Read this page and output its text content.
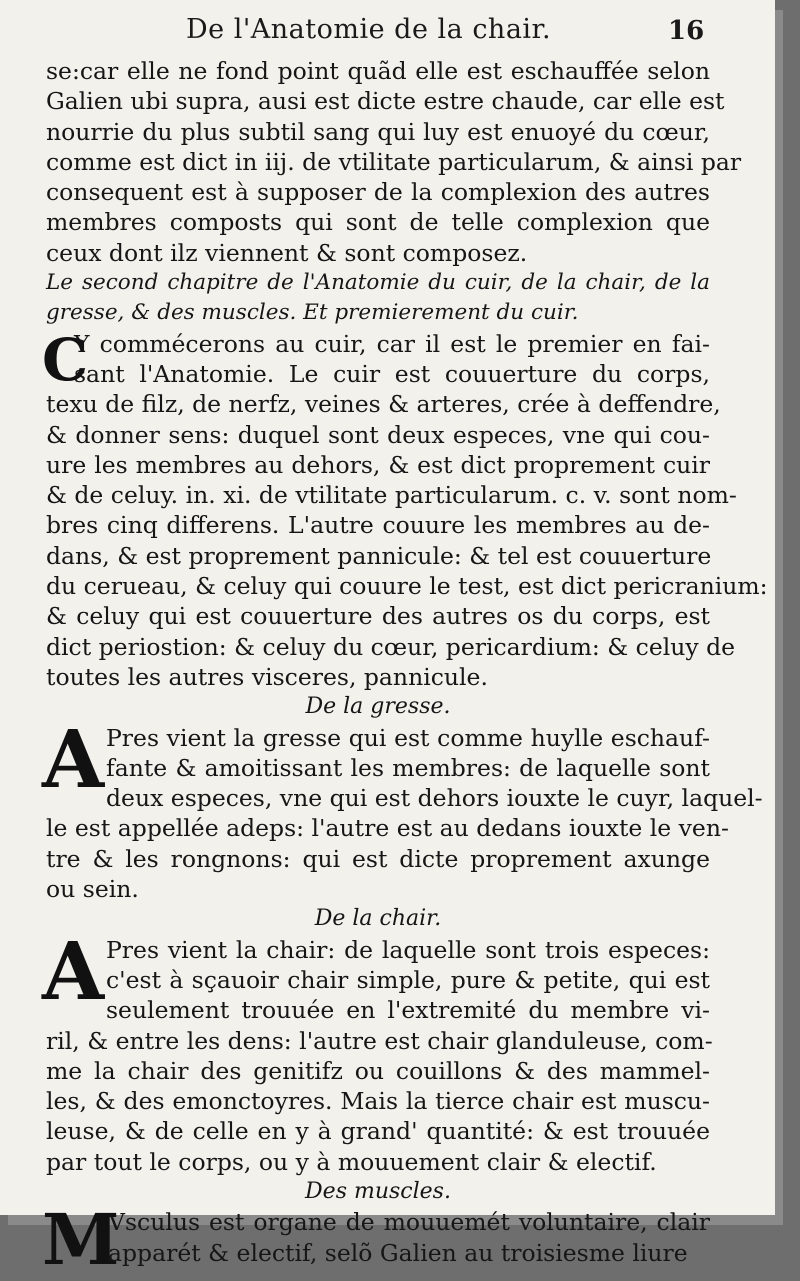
De l'Anatomie de la chair.	16
se:car elle ne fond point quãd elle est eschauffée selon
Galien ubi supra, ausi est dicte estre chaude, car elle est
nourrie du plus subtil sang qui luy est enuoyé du cœur,
comme est dict in iij. de vtilitate particularum, & ainsi par
consequent est à supposer de la complexion des autres
membres composts qui sont de telle complexion que
ceux dont ilz viennent & sont composez.
Le second chapitre de l'Anatomie du cuir, de la chair, de la
gresse, & des muscles. Et premierement du cuir.
C
Y commécerons au cuir, car il est le premier en fai-
sant l'Anatomie. Le cuir est couuerture du corps,
texu de filz, de nerfz, veines & arteres, crée à deffendre,
& donner sens: duquel sont deux especes, vne qui cou-
ure les membres au dehors, & est dict proprement cuir
& de celuy. in. xi. de vtilitate particularum. c. v. sont nom-
bres cinq differens. L'autre couure les membres au de-
dans, & est proprement pannicule: & tel est couuerture
du cerueau, & celuy qui couure le test, est dict pericranium:
& celuy qui est couuerture des autres os du corps, est
dict periostion: & celuy du cœur, pericardium: & celuy de
toutes les autres visceres, pannicule.
De la gresse.
A Pres vient la gresse qui est comme huylle eschauf-
fante & amoitissant les membres: de laquelle sont
deux especes, vne qui est dehors iouxte le cuyr, laquel-
le est appellée adeps: l'autre est au dedans iouxte le ven-
tre & les rongnons: qui est dicte proprement axunge
ou sein.
De la chair.
A Pres vient la chair: de laquelle sont trois especes:
c'est à sçauoir chair simple, pure & petite, qui est
seulement trouuée en l'extremité du membre vi-
ril, & entre les dens: l'autre est chair glanduleuse, com-
me la chair des genitifz ou couillons & des mammel-
les, & des emonctoyres. Mais la tierce chair est muscu-
leuse, & de celle en y à grand' quantité: & est trouuée
par tout le corps, ou y à mouuement clair & electif.
Des muscles.
M
Vsculus est organe de mouuemét voluntaire, clair
apparét & electif, selõ Galien au troisiesme liure
